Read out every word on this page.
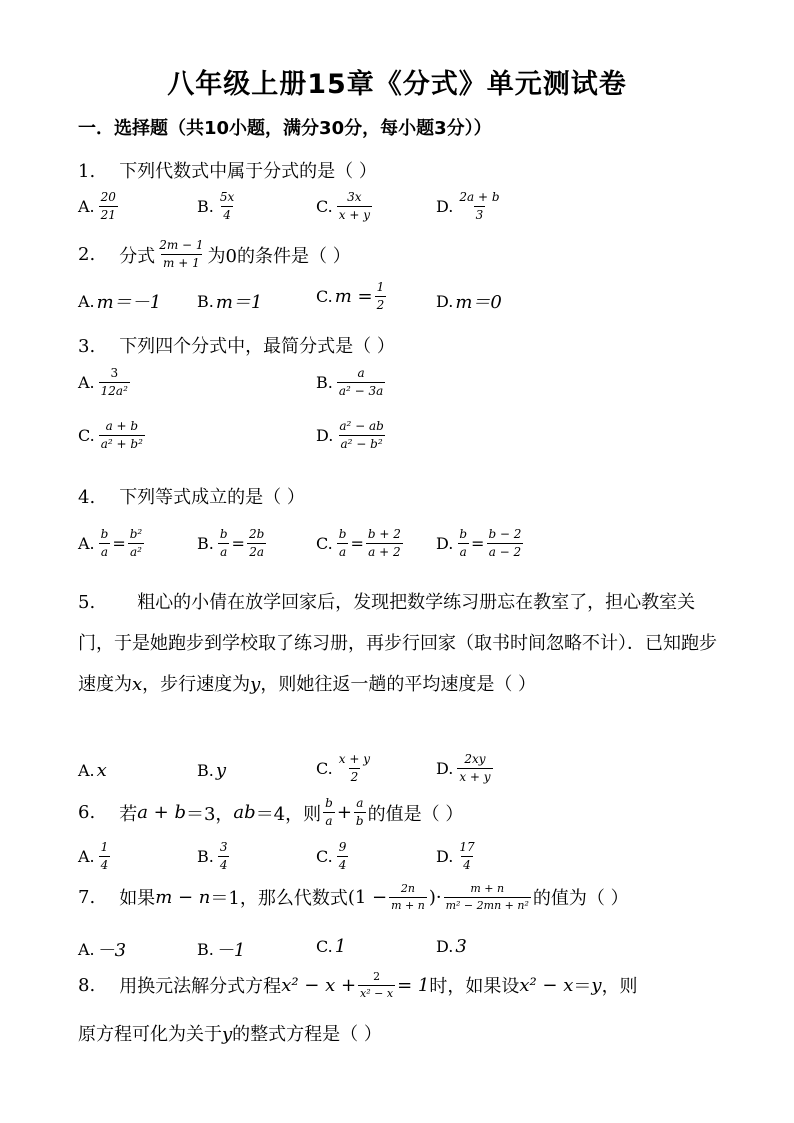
八年级上册15章《分式》单元测试卷
一．选择题（共10小题，满分30分，每小题3分））
1. 下列代数式中属于分式的是（ ）
A. $\frac{20}{21}$	B. $\frac{5x}{4}$	C. $\frac{3x}{x + y}$	D. $\frac{2a + b}{3}$
2. 分式 $\frac{2m - 1}{m + 1}$ 为0的条件是（ ）
A. m＝－1 B. m＝1	C. $m = \frac{1}{2}$	D. m＝0
3. 下列四个分式中，最简分式是（ ）
A. $\frac{3}{\text{12a²}}$	B. $\frac{a}{\text{a² − 3a}}$
C. $\frac{a + b}{\text{a² + b²}}$	D. $\frac{\text{a² − ab}}{\text{a² − b²}}$
4. 下列等式成立的是（ ）
A. $\frac{b}{a} = \frac{\text{b²}}{\text{a²}}$	B. $\frac{b}{a} = \frac{2b}{2a}$	C. $\frac{b}{a} = \frac{b + 2}{a + 2} D$. $\frac{b}{a} = \frac{b - 2}{a - 2}$
5. 粗心的小倩在放学回家后，发现把数学练习册忘在教室了，担心教室关门，于是她跑步到学校取了练习册，再步行回家（取书时间忽略不计）．已知跑步速度为x，步行速度为y，则她往返一趟的平均速度是（ ）
A. x	B. y	C. $\frac{x + y}{2}$	D. $\frac{2xy}{x + y}$
6. 若 a + b ＝3， ab ＝4，则 $\frac{b}{a} + \frac{a}{b}$ 的值是（ ）
A. $\frac{1}{4}$	B. $\frac{3}{4}$	C. $\frac{9}{4}$	D. $\frac{17}{4}$
7. 如果 m − n ＝1，那么代数式 ($1 - \frac{2n}{m + n}$ )· $\frac{m + n}{\text{m² − 2mn + n²}}$ 的值为（ ）
A. －3	B. －1	C. 1	D. 3
8. 用换元法解分式方程 $x^2 - x + \frac{2}{\text{x² − x}} = 1$ 时，如果设 x² − x ＝ y ，则
原方程可化为关于y的整式方程是（ ）
